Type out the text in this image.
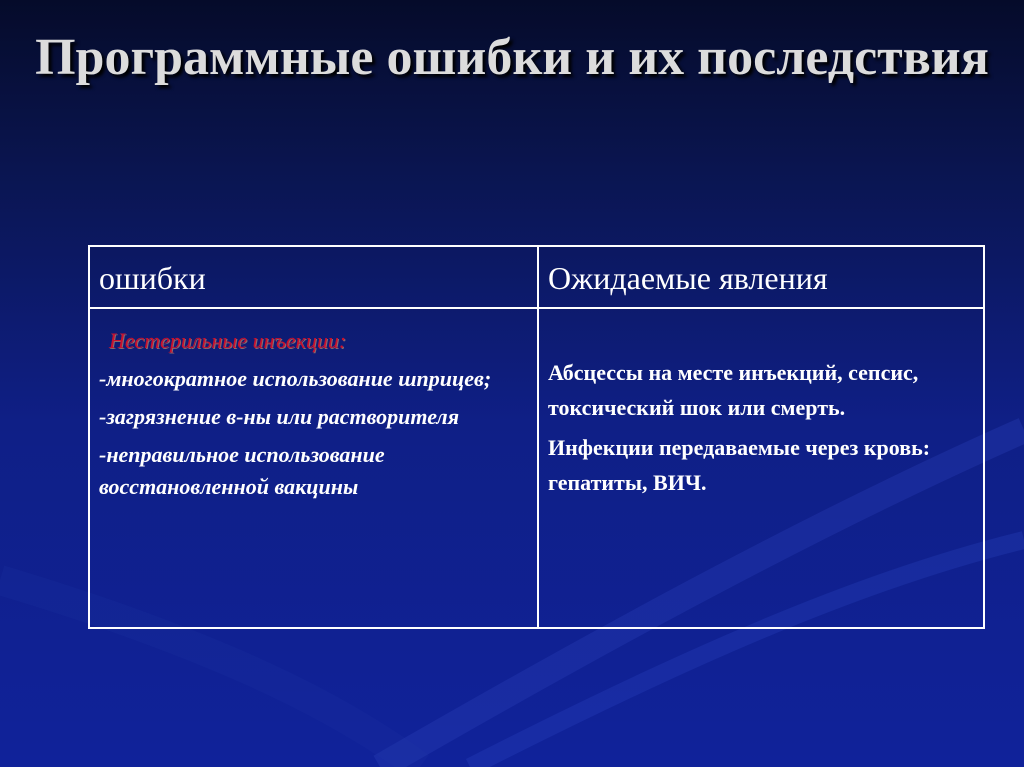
Программные ошибки и их последствия
ошибки	Ожидаемые явления
Нестерильные инъекции:
-многократное использование шприцев;
-загрязнение в-ны или растворителя
-неправильное использование восстановленной вакцины
Абсцессы на месте инъекций, сепсис, токсический шок или смерть.
Инфекции передаваемые через кровь: гепатиты, ВИЧ.
